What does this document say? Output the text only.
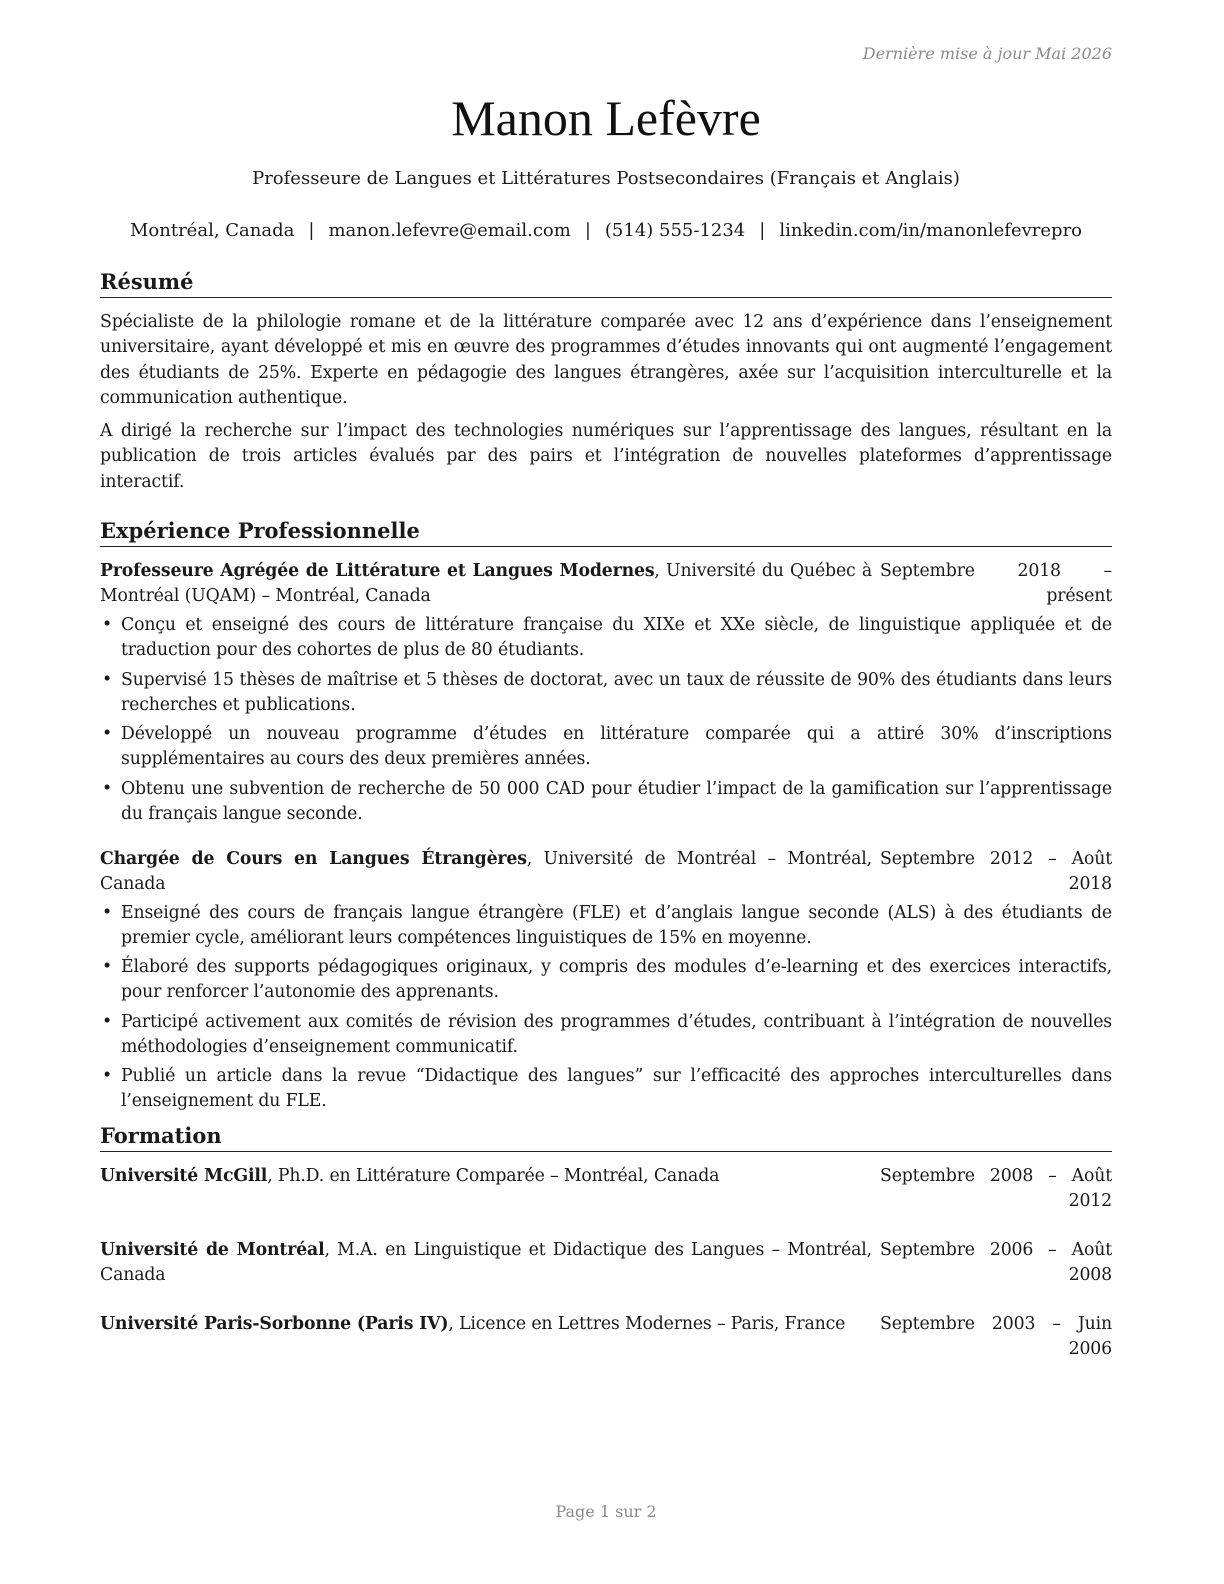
Dernière mise à jour Mai 2026
Manon Lefèvre
Professeure de Langues et Littératures Postsecondaires (Français et Anglais)
Montréal, Canada | manon.lefevre@email.com | (514) 555-1234 | linkedin.com/in/manonlefevrepro
Résumé

Spécialiste de la philologie romane et de la littérature comparée avec 12 ans d’expérience dans l’enseignement universitaire, ayant développé et mis en œuvre des programmes d’études innovants qui ont augmenté l’engagement des étudiants de 25%. Experte en pédagogie des langues étrangères, axée sur l’acquisition interculturelle et la communication authentique.

A dirigé la recherche sur l’impact des technologies numériques sur l’apprentissage des langues, résultant en la publication de trois articles évalués par des pairs et l’intégration de nouvelles plateformes d’apprentissage interactif.

Expérience Professionnelle
Professeure Agrégée de Littérature et Langues Modernes, Université du Québec à Montréal (UQAM) – Montréal, Canada
Septembre 2018 – présent
• Conçu et enseigné des cours de littérature française du XIXe et XXe siècle, de linguistique appliquée et de traduction pour des cohortes de plus de 80 étudiants.
• Supervisé 15 thèses de maîtrise et 5 thèses de doctorat, avec un taux de réussite de 90% des étudiants dans leurs recherches et publications.
• Développé un nouveau programme d’études en littérature comparée qui a attiré 30% d’inscriptions supplémentaires au cours des deux premières années.
• Obtenu une subvention de recherche de 50 000 CAD pour étudier l’impact de la gamification sur l’apprentissage du français langue seconde.
Chargée de Cours en Langues Étrangères, Université de Montréal – Montréal, Canada
Septembre 2012 – Août 2018
• Enseigné des cours de français langue étrangère (FLE) et d’anglais langue seconde (ALS) à des étudiants de premier cycle, améliorant leurs compétences linguistiques de 15% en moyenne.
• Élaboré des supports pédagogiques originaux, y compris des modules d’e-learning et des exercices interactifs, pour renforcer l’autonomie des apprenants.
• Participé activement aux comités de révision des programmes d’études, contribuant à l’intégration de nouvelles méthodologies d’enseignement communicatif.
• Publié un article dans la revue “Didactique des langues” sur l’efficacité des approches interculturelles dans l’enseignement du FLE.
Formation
Université McGill, Ph.D. en Littérature Comparée – Montréal, Canada	Septembre 2008 – Août 2012
Université de Montréal, M.A. en Linguistique et Didactique des Langues – Montréal, Canada
Septembre 2006 – Août 2008
Université Paris-Sorbonne (Paris IV), Licence en Lettres Modernes – Paris, France	Septembre 2003 – Juin 2006
Page 1 sur 2
